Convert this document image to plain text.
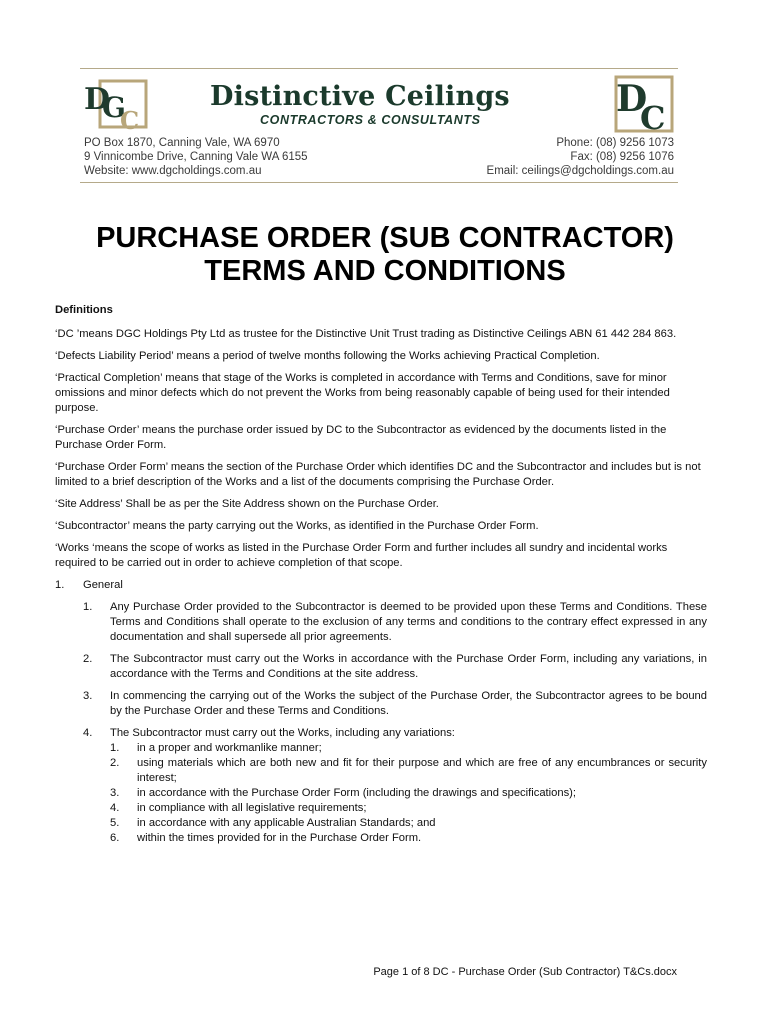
D
G
C
Distinctive Ceilings
CONTRACTORS & CONSULTANTS	D
C
PO Box 1870, Canning Vale, WA 6970
9 Vinnicombe Drive, Canning Vale WA 6155
Website: www.dgcholdings.com.au
Phone: (08) 9256 1073
Fax: (08) 9256 1076
Email: ceilings@dgcholdings.com.au
PURCHASE ORDER (SUB CONTRACTOR)
TERMS AND CONDITIONS

Definitions

‘DC ’means DGC Holdings Pty Ltd as trustee for the Distinctive Unit Trust trading as Distinctive Ceilings ABN 61 442 284 863.

‘Defects Liability Period’ means a period of twelve months following the Works achieving Practical Completion.

‘Practical Completion’ means that stage of the Works is completed in accordance with Terms and Conditions, save for minor omissions and minor defects which do not prevent the Works from being reasonably capable of being used for their intended purpose.

‘Purchase Order’ means the purchase order issued by DC to the Subcontractor as evidenced by the documents listed in the Purchase Order Form.

‘Purchase Order Form’ means the section of the Purchase Order which identifies DC and the Subcontractor and includes but is not limited to a brief description of the Works and a list of the documents comprising the Purchase Order.

‘Site Address’ Shall be as per the Site Address shown on the Purchase Order.

‘Subcontractor’ means the party carrying out the Works, as identified in the Purchase Order Form.

‘Works ‘means the scope of works as listed in the Purchase Order Form and further includes all sundry and incidental works required to be carried out in order to achieve completion of that scope.

1.	General
1.	Any Purchase Order provided to the Subcontractor is deemed to be provided upon these Terms and Conditions. These Terms and Conditions shall operate to the exclusion of any terms and conditions to the contrary effect expressed in any documentation and shall supersede all prior agreements.
2.	The Subcontractor must carry out the Works in accordance with the Purchase Order Form, including any variations, in accordance with the Terms and Conditions at the site address.
3.	In commencing the carrying out of the Works the subject of the Purchase Order, the Subcontractor agrees to be bound by the Purchase Order and these Terms and Conditions.
4.	The Subcontractor must carry out the Works, including any variations:
1.	in a proper and workmanlike manner;
2.	using materials which are both new and fit for their purpose and which are free of any encumbrances or security interest;
3.	in accordance with the Purchase Order Form (including the drawings and specifications);
4.	in compliance with all legislative requirements;
5.	in accordance with any applicable Australian Standards; and
6.	within the times provided for in the Purchase Order Form.
Page 1 of 8 DC - Purchase Order (Sub Contractor) T&Cs.docx
